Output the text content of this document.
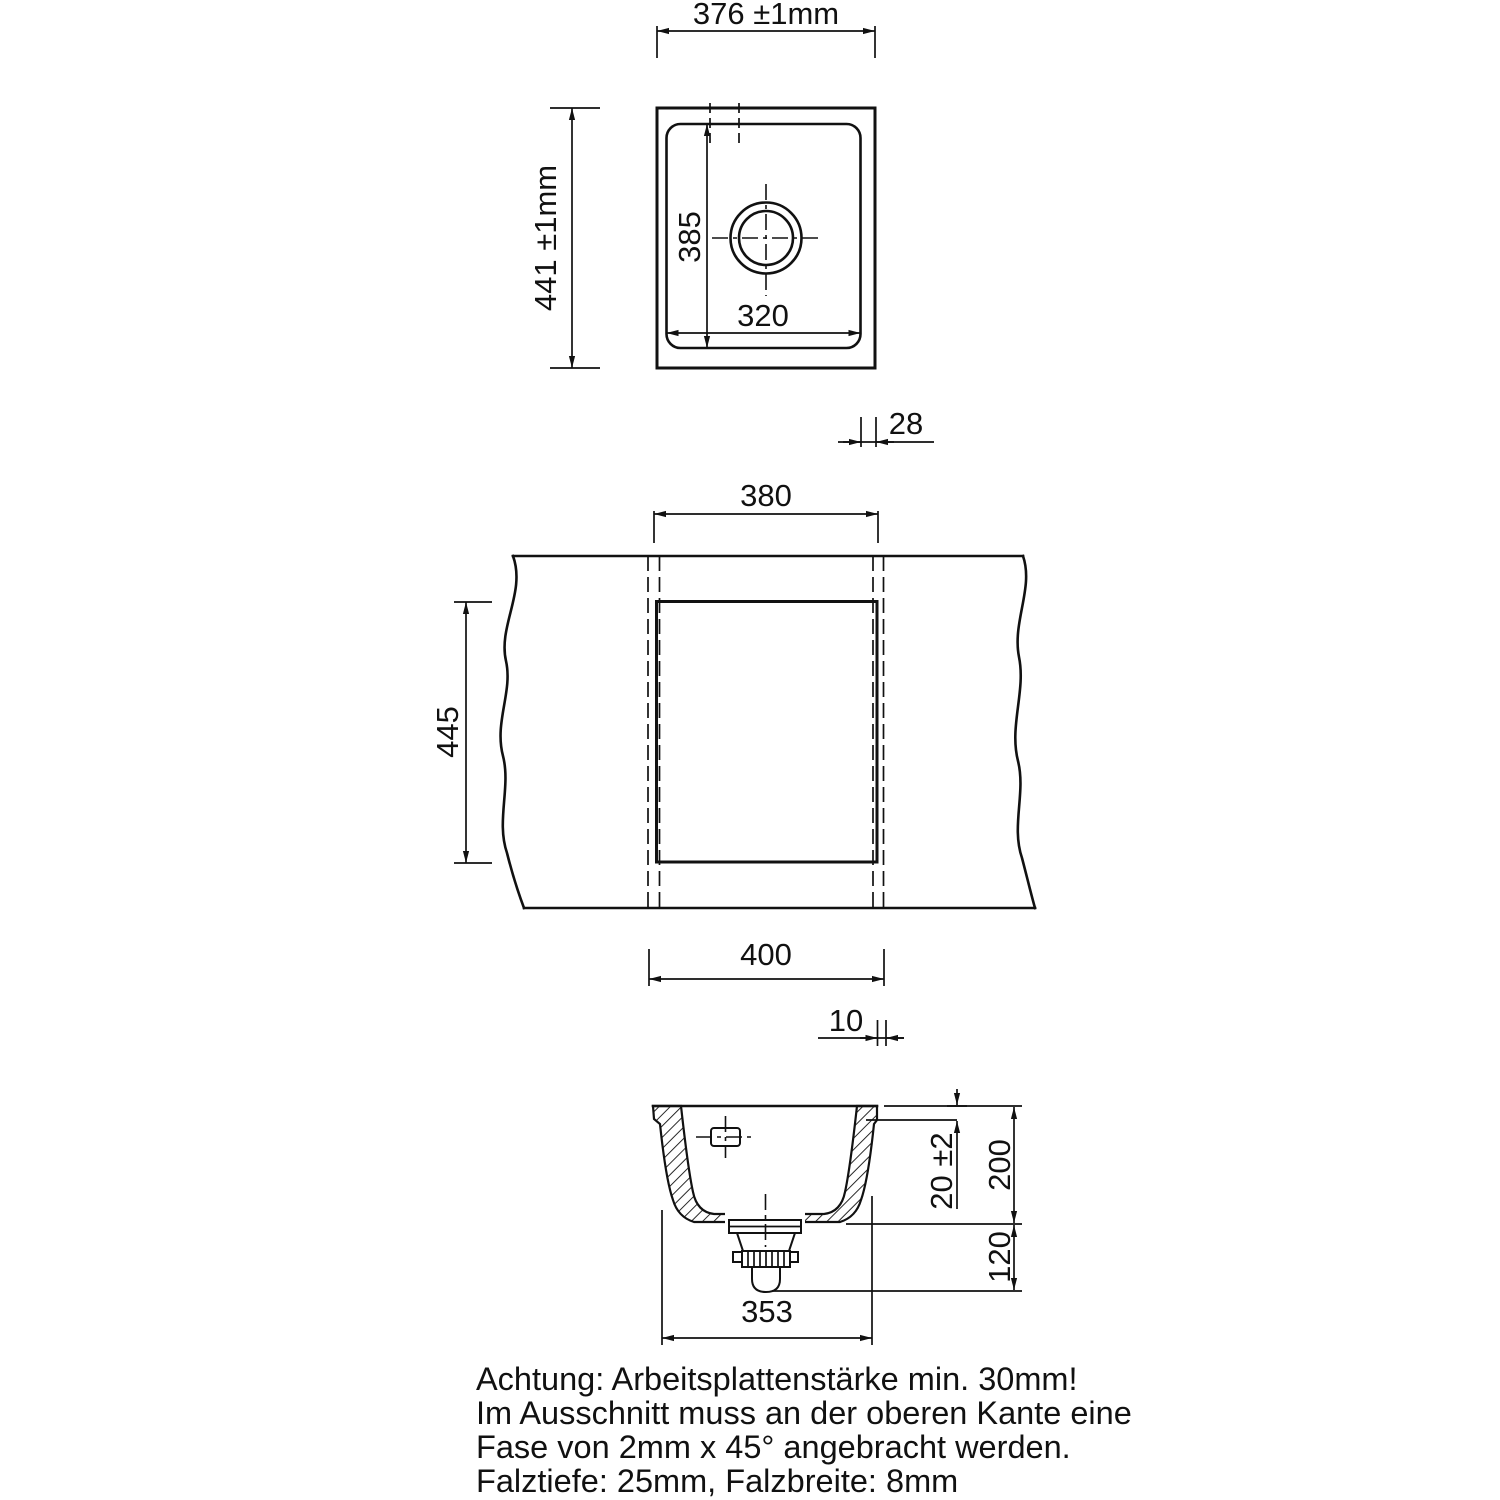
376 ±1mm
441 ±1mm	385
320
28
380
445
400
10
20 ±2 200
120
353
Achtung: Arbeitsplattenstärke min. 30mm!
Im Ausschnitt muss an der oberen Kante eine
Fase von 2mm x 45° angebracht werden.
Falztiefe: 25mm, Falzbreite: 8mm
